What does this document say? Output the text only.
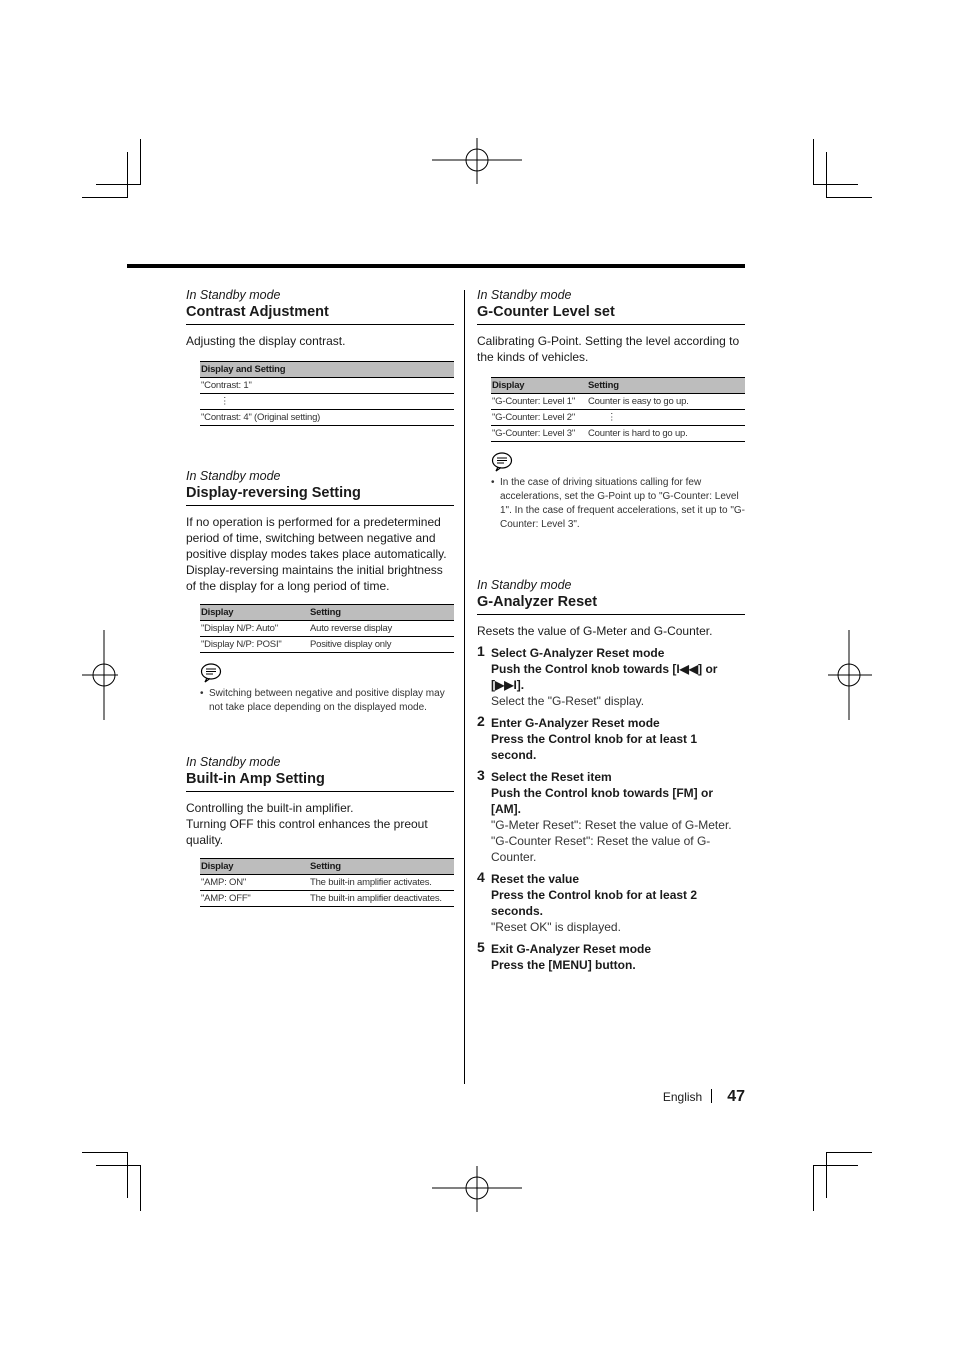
In Standby mode

Contrast Adjustment

Adjusting the display contrast.

Display and Setting
"Contrast: 1"
⋮
"Contrast: 4" (Original setting)

In Standby mode

Display-reversing Setting

If no operation is performed for a predetermined period of time, switching between negative and positive display modes takes place automatically. Display-reversing maintains the initial brightness of the display for a long period of time.

Display	Setting
"Display N/P: Auto"	Auto reverse display
"Display N/P: POSI"	Positive display only

• Switching between negative and positive display may not take place depending on the displayed mode.

In Standby mode

Built-in Amp Setting

Controlling the built-in amplifier.

Turning OFF this control enhances the preout quality.

Display	Setting
"AMP: ON"	The built-in amplifier activates.
"AMP: OFF"	The built-in amplifier deactivates.

In Standby mode

G-Counter Level set

Calibrating G-Point. Setting the level according to the kinds of vehicles.

Display	Setting
"G-Counter: Level 1"	Counter is easy to go up.
"G-Counter: Level 2"	⋮
"G-Counter: Level 3"	Counter is hard to go up.

• In the case of driving situations calling for few accelerations, set the G-Point up to "G-Counter: Level 1". In the case of frequent accelerations, set it up to "G-Counter: Level 3".

In Standby mode

G-Analyzer Reset

Resets the value of G-Meter and G-Counter.

1 Select G-Analyzer Reset mode
Push the Control knob towards [I◀◀] or [▶▶I].
Select the "G-Reset" display.
2 Enter G-Analyzer Reset mode
Press the Control knob for at least 1 second.
3 Select the Reset item
Push the Control knob towards [FM] or [AM].
"G-Meter Reset": Reset the value of G-Meter.
"G-Counter Reset": Reset the value of G-Counter.
4 Reset the value
Press the Control knob for at least 2 seconds.
"Reset OK" is displayed.
5 Exit G-Analyzer Reset mode
Press the [MENU] button.
English 47
